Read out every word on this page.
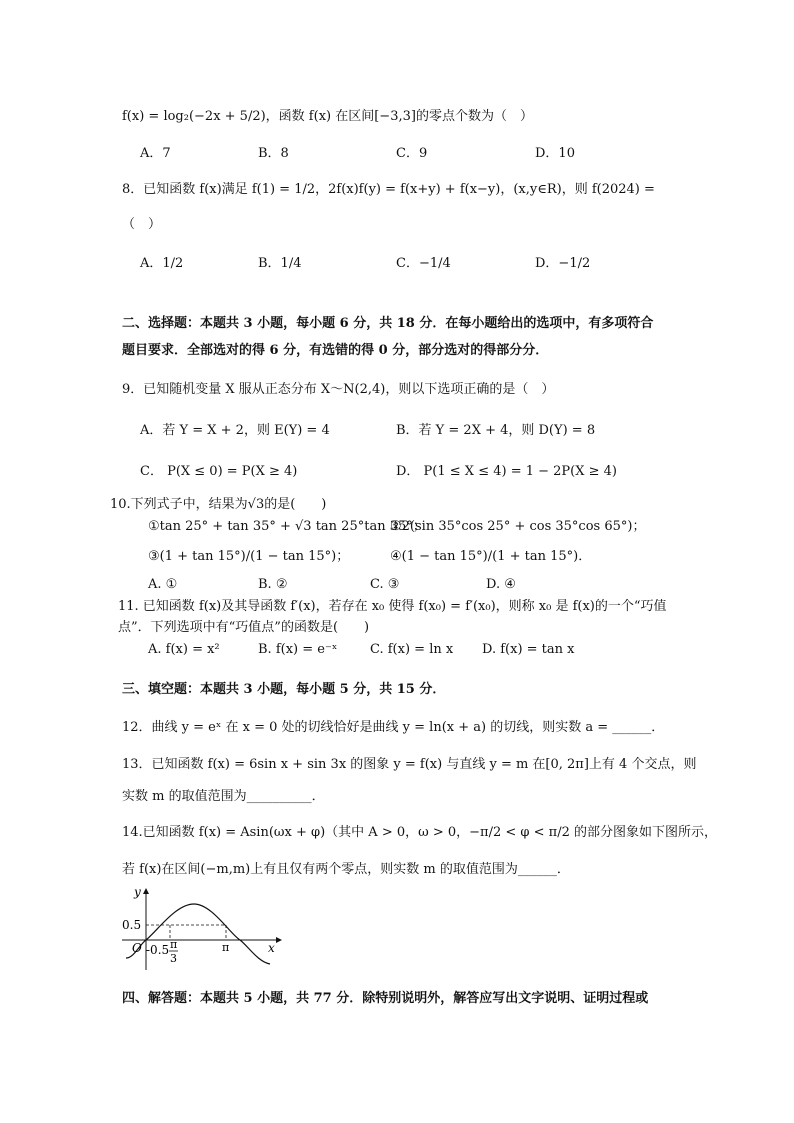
f(x) = log₂(−2x + 5/2)，函数 f(x) 在区间[−3,3]的零点个数为（　）
A．7	B．8	C．9	D．10
8．已知函数 f(x)满足 f(1) = 1/2，2f(x)f(y) = f(x+y) + f(x−y)，(x,y∈R)，则 f(2024) =
（　）
A．1/2	B．1/4	C．−1/4	D．−1/2
二、选择题：本题共 3 小题，每小题 6 分，共 18 分．在每小题给出的选项中，有多项符合
题目要求．全部选对的得 6 分，有选错的得 0 分，部分选对的得部分分．
9．已知随机变量 X 服从正态分布 X～N(2,4)，则以下选项正确的是（　）
A．若 Y = X + 2，则 E(Y) = 4	B．若 Y = 2X + 4，则 D(Y) = 8
C． P(X ≤ 0) = P(X ≥ 4)	D． P(1 ≤ X ≤ 4) = 1 − 2P(X ≥ 4)
10.下列式子中，结果为√3的是(　　)
①tan 25° + tan 35° + √3 tan 25°tan 35°；
②2(sin 35°cos 25° + cos 35°cos 65°)；
③(1 + tan 15°)/(1 − tan 15°)；	④(1 − tan 15°)/(1 + tan 15°)．
A. ①	B. ②	C. ③	D. ④
11. 已知函数 f(x)及其导函数 f′(x)，若存在 x₀ 使得 f(x₀) = f′(x₀)，则称 x₀ 是 f(x)的一个“巧值
点”．下列选项中有“巧值点”的函数是(　　)
A. f(x) = x²	B. f(x) = e⁻ˣ	C. f(x) = ln x D. f(x) = tan x
三、填空题：本题共 3 小题，每小题 5 分，共 15 分．
12．曲线 y = eˣ 在 x = 0 处的切线恰好是曲线 y = ln(x + a) 的切线，则实数 a = ______．
13．已知函数 f(x) = 6sin x + sin 3x 的图象 y = f(x) 与直线 y = m 在[0, 2π]上有 4 个交点，则
实数 m 的取值范围为__________．
14.已知函数 f(x) = Asin(ωx + φ)（其中 A > 0，ω > 0，−π/2 < φ < π/2 的部分图象如下图所示，
若 f(x)在区间(−m,m)上有且仅有两个零点，则实数 m 的取值范围为______．
y
x
O
0.5
-0.5 π
3
π
四、解答题：本题共 5 小题，共 77 分．除特别说明外，解答应写出文字说明、证明过程或
